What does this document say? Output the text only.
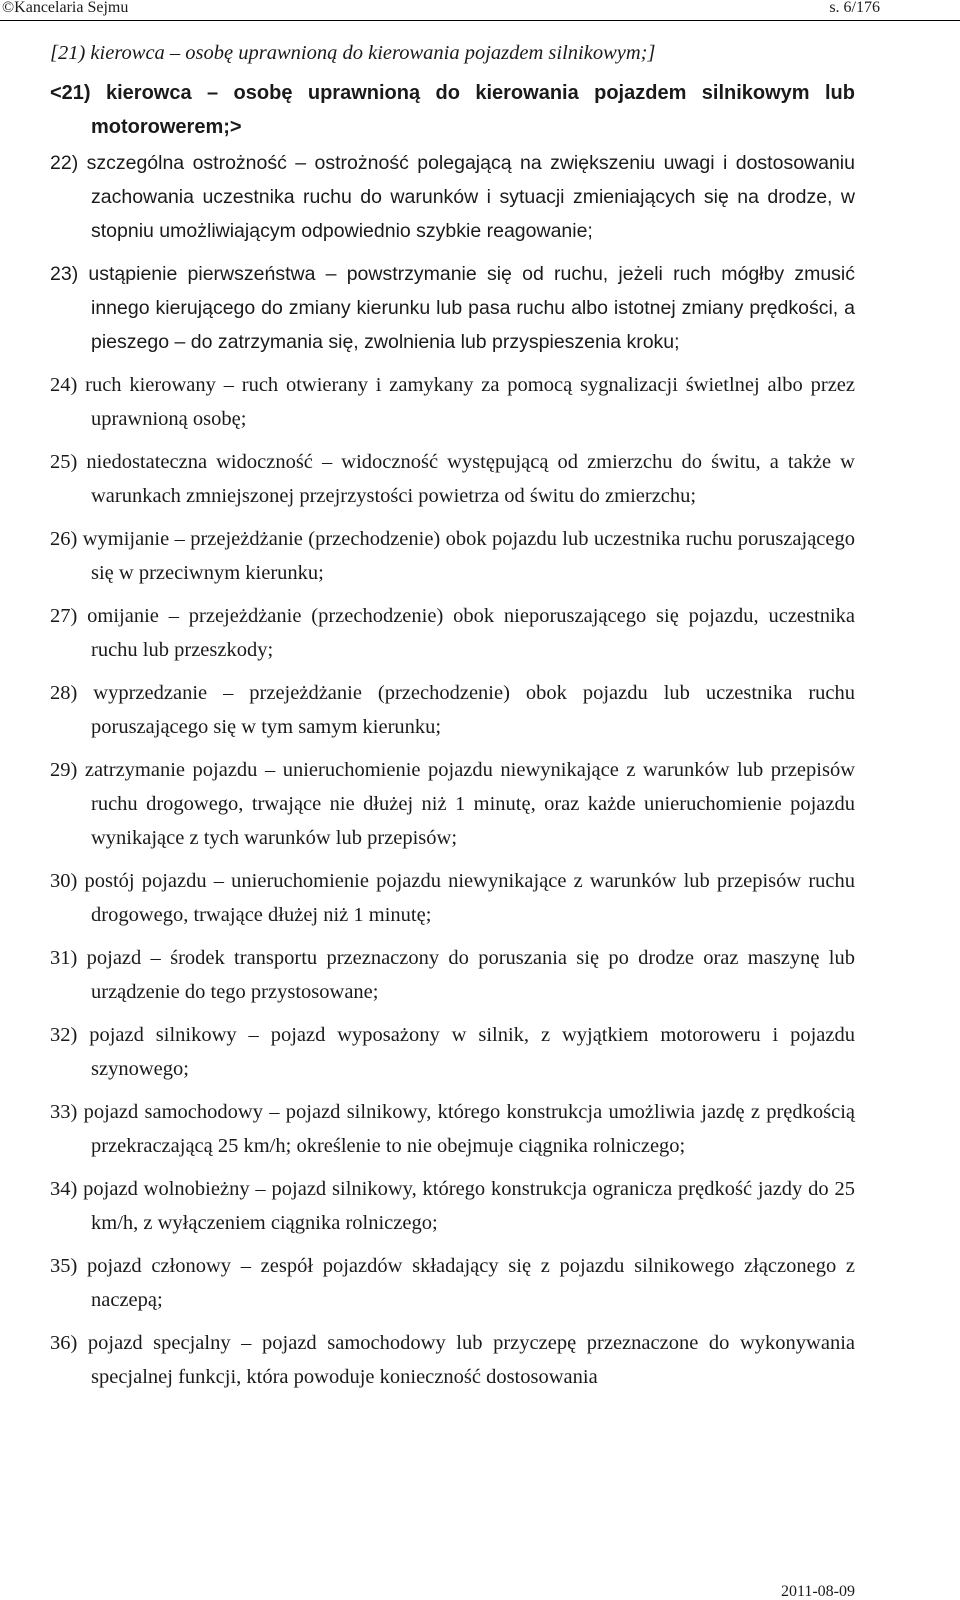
©Kancelaria Sejmu	s. 6/176

[21) kierowca – osobę uprawnioną do kierowania pojazdem silnikowym;]

<21) kierowca – osobę uprawnioną do kierowania pojazdem silnikowym lub motorowerem;>

22) szczególna ostrożność – ostrożność polegającą na zwiększeniu uwagi i dostosowaniu zachowania uczestnika ruchu do warunków i sytuacji zmieniających się na drodze, w stopniu umożliwiającym odpowiednio szybkie reagowanie;

23) ustąpienie pierwszeństwa – powstrzymanie się od ruchu, jeżeli ruch mógłby zmusić innego kierującego do zmiany kierunku lub pasa ruchu albo istotnej zmiany prędkości, a pieszego – do zatrzymania się, zwolnienia lub przyspieszenia kroku;

24) ruch kierowany – ruch otwierany i zamykany za pomocą sygnalizacji świetlnej albo przez uprawnioną osobę;

25) niedostateczna widoczność – widoczność występującą od zmierzchu do świtu, a także w warunkach zmniejszonej przejrzystości powietrza od świtu do zmierzchu;

26) wymijanie – przejeżdżanie (przechodzenie) obok pojazdu lub uczestnika ruchu poruszającego się w przeciwnym kierunku;

27) omijanie – przejeżdżanie (przechodzenie) obok nieporuszającego się pojazdu, uczestnika ruchu lub przeszkody;

28) wyprzedzanie – przejeżdżanie (przechodzenie) obok pojazdu lub uczestnika ruchu poruszającego się w tym samym kierunku;

29) zatrzymanie pojazdu – unieruchomienie pojazdu niewynikające z warunków lub przepisów ruchu drogowego, trwające nie dłużej niż 1 minutę, oraz każde unieruchomienie pojazdu wynikające z tych warunków lub przepisów;

30) postój pojazdu – unieruchomienie pojazdu niewynikające z warunków lub przepisów ruchu drogowego, trwające dłużej niż 1 minutę;

31) pojazd – środek transportu przeznaczony do poruszania się po drodze oraz maszynę lub urządzenie do tego przystosowane;

32) pojazd silnikowy – pojazd wyposażony w silnik, z wyjątkiem motoroweru i pojazdu szynowego;

33) pojazd samochodowy – pojazd silnikowy, którego konstrukcja umożliwia jazdę z prędkością przekraczającą 25 km/h; określenie to nie obejmuje ciągnika rolniczego;

34) pojazd wolnobieżny – pojazd silnikowy, którego konstrukcja ogranicza prędkość jazdy do 25 km/h, z wyłączeniem ciągnika rolniczego;

35) pojazd członowy – zespół pojazdów składający się z pojazdu silnikowego złączonego z naczepą;

36) pojazd specjalny – pojazd samochodowy lub przyczepę przeznaczone do wykonywania specjalnej funkcji, która powoduje konieczność dostosowania

2011-08-09
